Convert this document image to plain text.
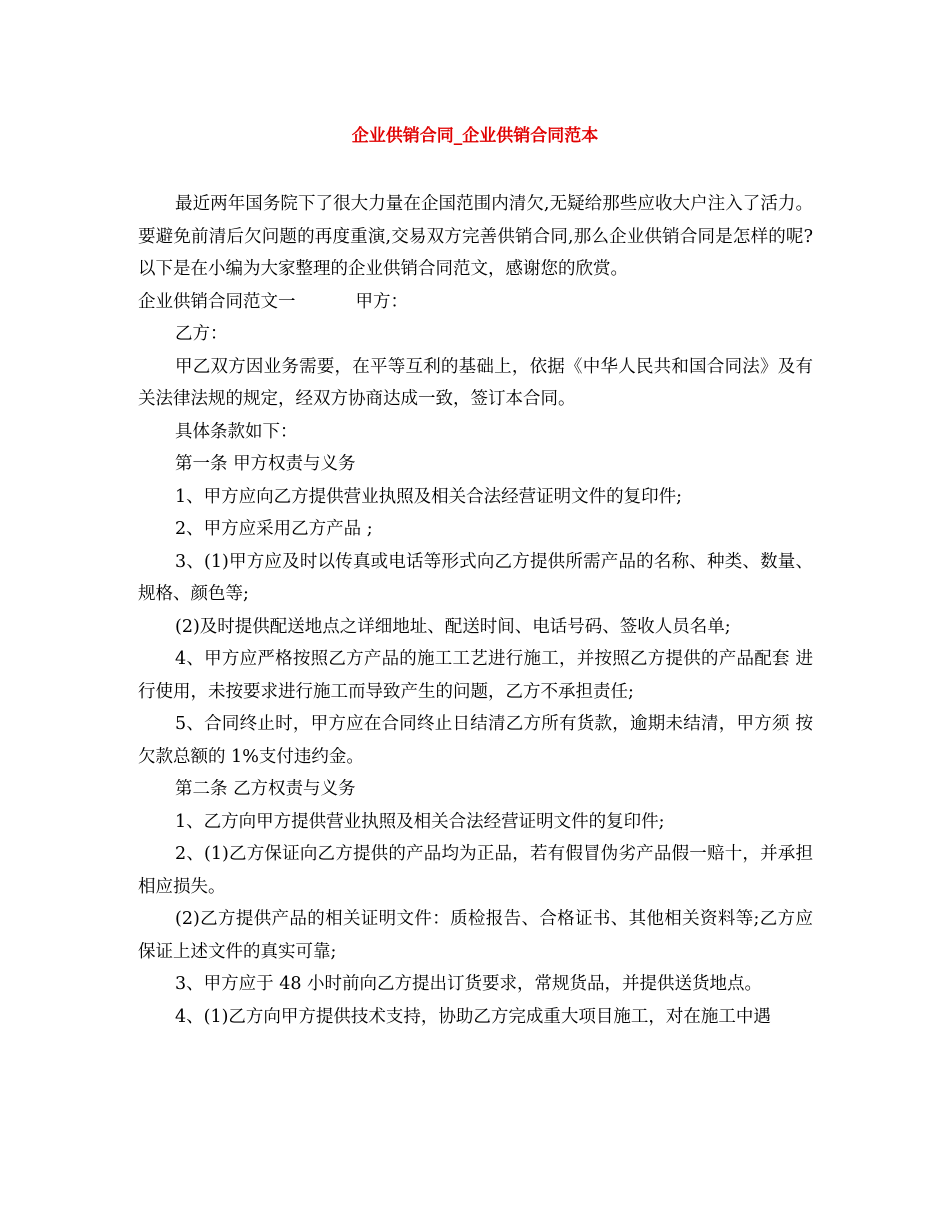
企业供销合同_企业供销合同范本

最近两年国务院下了很大力量在企国范围内清欠,无疑给那些应收大户注入了活力。要避免前清后欠问题的再度重演,交易双方完善供销合同,那么企业供销合同是怎样的呢?以下是在小编为大家整理的企业供销合同范文，感谢您的欣赏。

企业供销合同范文一	甲方：

乙方：

甲乙双方因业务需要，在平等互利的基础上，依据《中华人民共和国合同法》及有关法律法规的规定，经双方协商达成一致，签订本合同。

具体条款如下：

第一条 甲方权责与义务

1、甲方应向乙方提供营业执照及相关合法经营证明文件的复印件;

2、甲方应采用乙方产品 ;

3、(1)甲方应及时以传真或电话等形式向乙方提供所需产品的名称、种类、数量、规格、颜色等;

(2)及时提供配送地点之详细地址、配送时间、电话号码、签收人员名单;

4、甲方应严格按照乙方产品的施工工艺进行施工，并按照乙方提供的产品配套 进行使用，未按要求进行施工而导致产生的问题，乙方不承担责任;

5、合同终止时，甲方应在合同终止日结清乙方所有货款，逾期未结清，甲方须 按欠款总额的 1%支付违约金。

第二条 乙方权责与义务

1、乙方向甲方提供营业执照及相关合法经营证明文件的复印件;

2、(1)乙方保证向乙方提供的产品均为正品，若有假冒伪劣产品假一赔十，并承担相应损失。

(2)乙方提供产品的相关证明文件：质检报告、合格证书、其他相关资料等;乙方应保证上述文件的真实可靠;

3、甲方应于 48 小时前向乙方提出订货要求，常规货品，并提供送货地点。

4、(1)乙方向甲方提供技术支持，协助乙方完成重大项目施工，对在施工中遇
